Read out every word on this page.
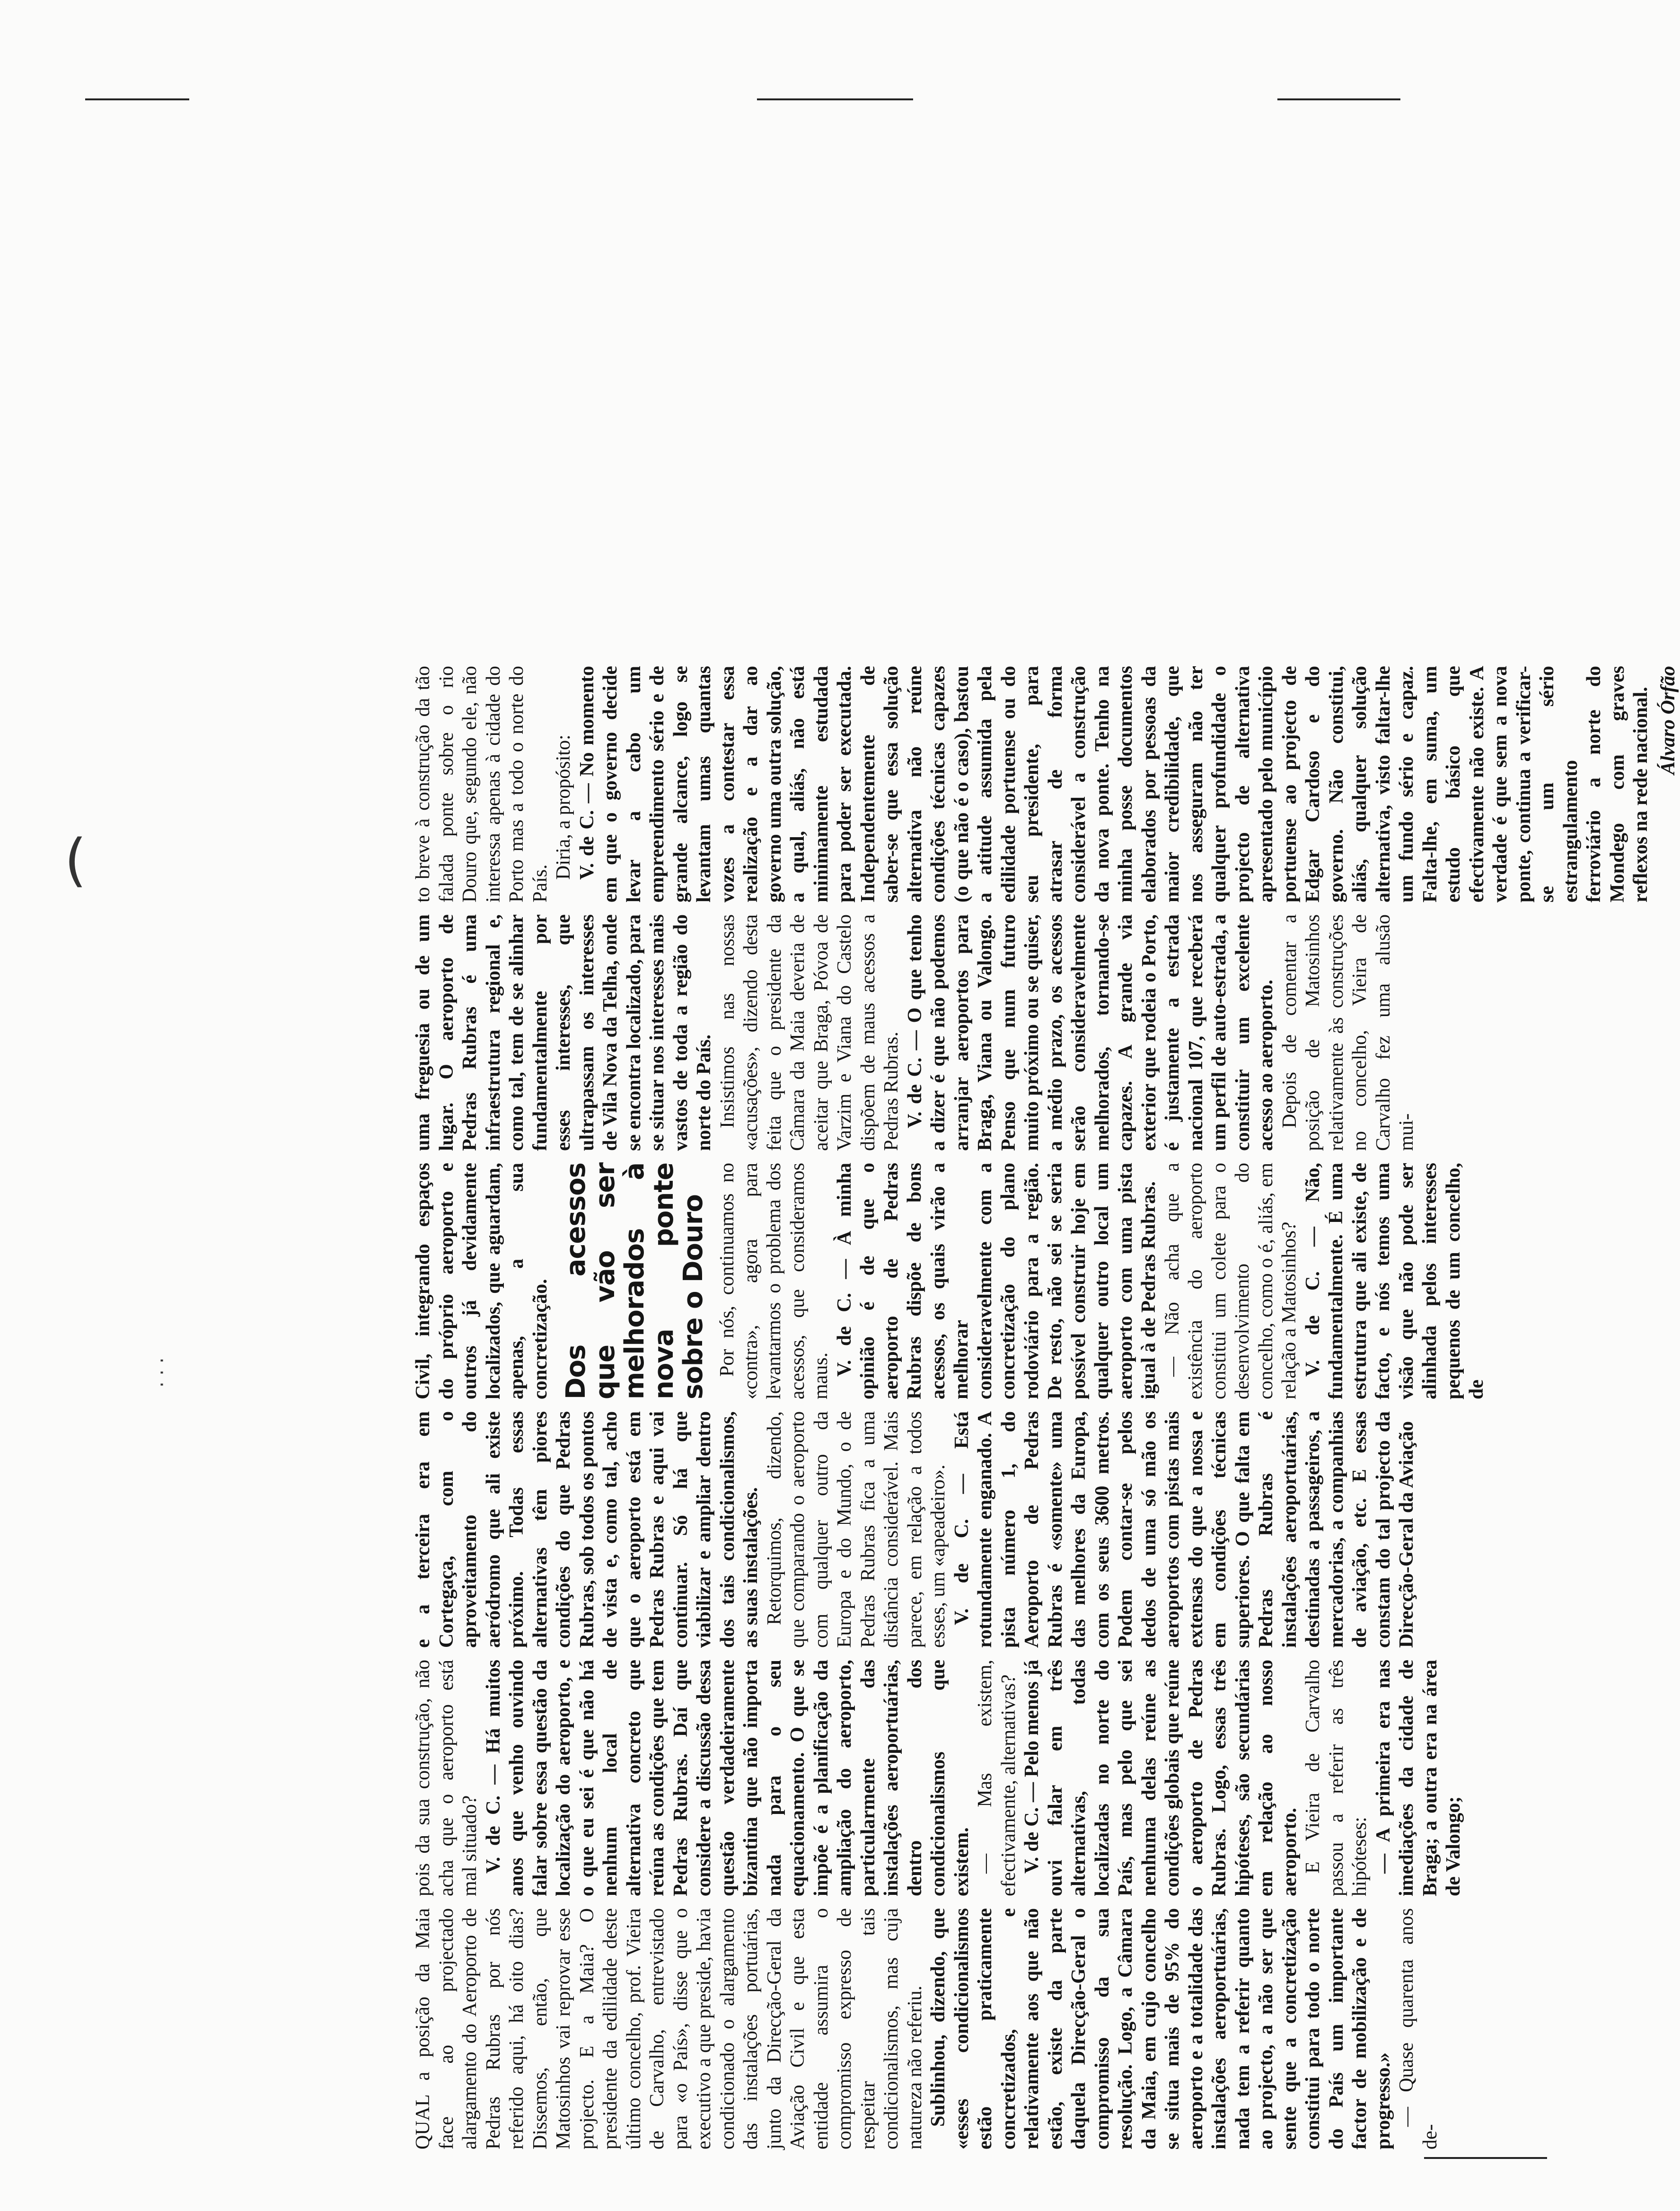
(
· · ·

QUAL a posição da Maia face ao projectado alargamento do Aeroporto de Pedras Rubras por nós referido aqui, há oito dias? Dissemos, então, que Matosinhos vai reprovar esse projecto. E a Maia? O presidente da edilidade deste último concelho, prof. Vieira de Carvalho, entrevistado para «o País», disse que o executivo a que preside, havia condicionado o alargamento das instalações portuárias, junto da Direcção-Geral da Aviação Civil e que esta entidade assumira o compromisso expresso de respeitar tais condicionalismos, mas cuja natureza não referiu. Sublinhou, dizendo, que «esses condicionalismos estão praticamente concretizados, e relativamente aos que não estão, existe da parte daquela Direcção-Geral o compromisso da sua resolução. Logo, a Câmara da Maia, em cujo concelho se situa mais de 95% do aeroporto e a totalidade das instalações aeroportuárias, nada tem a referir quanto ao projecto, a não ser que sente que a concretização constitui para todo o norte do País um importante factor de mobilização e de progresso.» — Quase quarenta anos de-

pois da sua construção, não acha que o aeroporto está mal situado? V. de C. — Há muitos anos que venho ouvindo falar sobre essa questão da localização do aeroporto, e o que eu sei é que não há nenhum local de alternativa concreto que reúna as condições que tem Pedras Rubras. Daí que considere a discussão dessa questão verdadeiramente bizantina que não importa nada para o seu equacionamento. O que se impõe é a planificação da ampliação do aeroporto, particularmente das instalações aeroportuárias, dentro dos condicionalismos que existem. — Mas existem, efectivamente, alternativas? V. de C. — Pelo menos já ouvi falar em três alternativas, todas localizadas no norte do País, mas pelo que sei nenhuma delas reúne as condições globais que reúne o aeroporto de Pedras Rubras. Logo, essas três hipóteses, são secundárias em relação ao nosso aeroporto. E Vieira de Carvalho passou a referir as três hipóteses: — A primeira era nas imediações da cidade de Braga; a outra era na área de Valongo;

e a terceira era em Cortegaça, com o aproveitamento do aeródromo que ali existe próximo. Todas essas alternativas têm piores condições do que Pedras Rubras, sob todos os pontos de vista e, como tal, acho que o aeroporto está em Pedras Rubras e aqui vai continuar. Só há que viabilizar e ampliar dentro dos tais condicionalismos, as suas instalações. Retorquimos, dizendo, que comparando o aeroporto com qualquer outro da Europa e do Mundo, o de Pedras Rubras fica a uma distância considerável. Mais parece, em relação a todos esses, um «apeadeiro». V. de C. — Está rotundamente enganado. A pista número 1, do Aeroporto de Pedras Rubras é «somente» uma das melhores da Europa, com os seus 3600 metros. Podem contar-se pelos dedos de uma só mão os aeroportos com pistas mais extensas do que a nossa e em condições técnicas superiores. O que falta em Pedras Rubras é instalações aeroportuárias, destinadas a passageiros, a mercadorias, a companhias de aviação, etc. E essas constam do tal projecto da Direcção-Geral da Aviação

Civil, integrando espaços do próprio aeroporto e outros já devidamente localizados, que aguardam, apenas, a sua concretização. Dos acessos que vão ser melhorados à nova ponte sobre o Douro Por nós, continuamos no «contra», agora para levantarmos o problema dos acessos, que consideramos maus. V. de C. — À minha opinião é de que o aeroporto de Pedras Rubras dispõe de bons acessos, os quais virão a melhorar consideravelmente com a concretização do plano rodoviário para a região. De resto, não sei se seria possível construir hoje em qualquer outro local um aeroporto com uma pista igual à de Pedras Rubras. — Não acha que a existência do aeroporto constitui um colete para o desenvolvimento do concelho, como o é, aliás, em relação a Matosinhos? V. de C. — Não, fundamentalmente. É uma estrutura que ali existe, de facto, e nós temos uma visão que não pode ser alinhada pelos interesses pequenos de um concelho, de

uma freguesia ou de um lugar. O aeroporto de Pedras Rubras é uma infraestrutura regional e, como tal, tem de se alinhar fundamentalmente por esses interesses, que ultrapassam os interesses de Vila Nova da Telha, onde se encontra localizado, para se situar nos interesses mais vastos de toda a região do norte do País. Insistimos nas nossas «acusações», dizendo desta feita que o presidente da Câmara da Maia deveria de aceitar que Braga, Póvoa de Varzim e Viana do Castelo dispõem de maus acessos a Pedras Rubras. V. de C. — O que tenho a dizer é que não podemos arranjar aeroportos para Braga, Viana ou Valongo. Penso que num futuro muito próximo ou se quiser, a médio prazo, os acessos serão consideravelmente melhorados, tornando-se capazes. A grande via exterior que rodeia o Porto, é justamente a estrada nacional 107, que receberá um perfil de auto-estrada, a constituir um excelente acesso ao aeroporto. Depois de comentar a posição de Matosinhos relativamente às construções no concelho, Vieira de Carvalho fez uma alusão mui-

to breve à construção da tão falada ponte sobre o rio Douro que, segundo ele, não interessa apenas à cidade do Porto mas a todo o norte do País.

Diria, a propósito: V. de C. — No momento em que o governo decide levar a cabo um empreendimento sério e de grande alcance, logo se levantam umas quantas vozes a contestar essa realização e a dar ao governo uma outra solução, a qual, aliás, não está minimamente estudada para poder ser executada. Independentemente de saber-se que essa solução alternativa não reúne condições técnicas capazes (o que não é o caso), bastou a atitude assumida pela edilidade portuense ou do seu presidente, para atrasar de forma considerável a construção da nova ponte. Tenho na minha posse documentos elaborados por pessoas da maior credibilidade, que nos asseguram não ter qualquer profundidade o projecto de alternativa apresentado pelo município portuense ao projecto de Edgar Cardoso e do governo. Não constitui, aliás, qualquer solução alternativa, visto faltar-lhe um fundo sério e capaz. Falta-lhe, em suma, um estudo básico que efectivamente não existe. A verdade é que sem a nova ponte, continua a verificar-se um sério estrangulamento ferroviário a norte do Mondego com graves reflexos na rede nacional. Álvaro Órfão
